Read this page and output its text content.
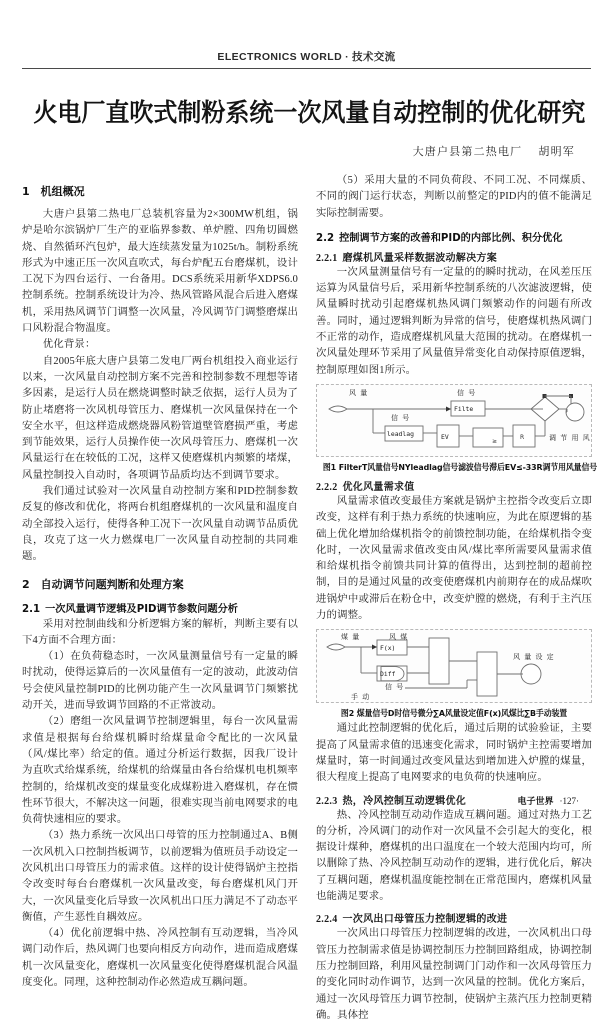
ELECTRONICS WORLD · 技术交流
火电厂直吹式制粉系统一次风量自动控制的优化研究
大唐户县第二热电厂 胡明军
1 机组概况

大唐户县第二热电厂总装机容量为2×300MW机组，锅炉是哈尔滨锅炉厂生产的亚临界参数、单炉膛、四角切圆燃烧、自然循环汽包炉，最大连续蒸发量为1025t/h。制粉系统形式为中速正压一次风直吹式，每台炉配五台磨煤机，设计工况下为四台运行、一台备用。DCS系统采用新华XDPS6.0控制系统。控制系统设计为冷、热风管路风混合后进入磨煤机，采用热风调节门调整一次风量，冷风调节门调整磨煤出口风粉混合物温度。

优化背景：

自2005年底大唐户县第二发电厂两台机组投入商业运行以来，一次风量自动控制方案不完善和控制参数不理想等诸多因素，是运行人员在燃烧调整时缺乏依据，运行人员为了防止堵磨将一次风机母管压力、磨煤机一次风量保持在一个安全水平，但这样造成燃烧器风粉管道壁管磨损严重，考虑到节能效果，运行人员操作使一次风母管压力、磨煤机一次风量运行在在较低的工况，这样又使磨煤机内频繁的堵煤，风量控制投入自动时，各项调节品质均达不到调节要求。

我们通过试验对一次风量自动控制方案和PID控制参数反复的修改和优化，将两台机组磨煤机的一次风量和温度自动全部投入运行，使得各种工况下一次风量自动调节品质优良，攻克了这一火力燃煤电厂一次风量自动控制的共同难题。

2 自动调节问题判断和处理方案
2.1 一次风量调节逻辑及PID调节参数问题分析

采用对控制曲线和分析逻辑方案的解析，判断主要有以下4方面不合理方面：

（1）在负荷稳态时，一次风量测量信号有一定量的瞬时扰动，使得运算后的一次风量值有一定的波动，此波动信号会使风量控制PID的比例功能产生一次风量调节门频繁扰动开关，进而导致调节回路的不正常波动。

（2）磨组一次风量调节控制逻辑里，每台一次风量需求值是根据每台给煤机瞬时给煤量命令配比的一次风量（风/煤比率）给定的值。通过分析运行数据，因我厂设计为直吹式给煤系统，给煤机的给煤量由各台给煤机电机频率控制的，给煤机改变的煤量变化成煤粉进入磨煤机，存在惯性环节很大，不解决这一问题，很难实现当前电网要求的电负荷快速相应的要求。

（3）热力系统一次风出口母管的压力控制通过A、B侧一次风机入口控制挡板调节，以前逻辑为值班员手动设定一次风机出口母管压力的需求值。这样的设计使得锅炉主控指令改变时每台台磨煤机一次风量改变，每台磨煤机风门开大，一次风量变化后导致一次风机出口压力满足不了动态平衡值，产生恶性自耦效应。

（4）优化前逻辑中热、冷风控制有互动逻辑，当冷风调门动作后，热风调门也要向相反方向动作，进而造成磨煤机一次风量变化，磨煤机一次风量变化使得磨煤机混合风温度变化。同理，这种控制动作必然造成互耦问题。

（5）采用大量的不同负荷段、不同工况、不同煤质、不同的阀门运行状态，判断以前整定的PID内的值不能满足实际控制需要。

2.2 控制调节方案的改善和PID的内部比例、积分优化
2.2.1 磨煤机风量采样数据波动解决方案

一次风量测量信号有一定量的的瞬时扰动，在风差压压运算为风量信号后，采用新华控制系统的八次滤波逻辑，使风量瞬时扰动引起磨煤机热风调门频繁动作的问题有所改善。同时，通过逻辑判断为异常的信号，使磨煤机热风调门不正常的动作，造成磨煤机风量大范围的扰动。在磨煤机一次风量处理环节采用了风量值异常变化自动保持原值逻辑，控制原理如图1所示。

≥
R
风 量	信 号
信 号
Filte
leadlag	EV	调 节 用 风
图1 FilterT风量信号NYleadlag信号滤波信号滞后EV≤-33R调节用风量信号
2.2.2 优化风量需求值

风量需求值改变最佳方案就是锅炉主控指令改变后立即改变，这样有利于热力系统的快速响应，为此在原逻辑的基础上优化增加给煤机指令的前馈控制功能，在给煤机指令变化时，一次风量需求值改变由风/煤比率所需要风量需求值和给煤机指令前馈共同计算的值得出，达到控制的超前控制，目的是通过风量的改变使磨煤机内前期存在的成品煤吹进锅炉中或滞后在粉仓中，改变炉膛的燃烧，有利于主汽压力的调整。

煤 量	风 煤
F(x)
Diff
信 号
手 动
风 量 设 定
图2 煤量信号D时信号微分∑A风量设定值F(x)风煤比∑B手动装置

通过此控制逻辑的优化后，通过后期的试验验证，主要提高了风量需求值的迅速变化需求，同时锅炉主控需要增加煤量时，第一时间通过改变风量达到增加进入炉膛的煤量，很大程度上提高了电网要求的电负荷的快速响应。

2.2.3 热，冷风控制互动逻辑优化

热、冷风控制互动动作造成互耦问题。通过对热力工艺的分析，冷风调门的动作对一次风量不会引起大的变化，根据设计煤种，磨煤机的出口温度在一个较大范围内均可，所以删除了热、冷风控制互动动作的逻辑，进行优化后，解决了互耦问题，磨煤机温度能控制在正常范围内，磨煤机风量也能满足要求。

2.2.4 一次风出口母管压力控制逻辑的改进

一次风出口母管压力控制逻辑的改进，一次风机出口母管压力控制需求值是协调控制压力控制回路组成，协调控制压力控制回路，利用风量控制调门门动作和一次风母管压力的变化同时动作调节，达到一次风量的控制。优化方案后，通过一次风母管压力调节控制，使锅炉主蒸汽压力控制更精确。具体控

电子世界 ·127·
